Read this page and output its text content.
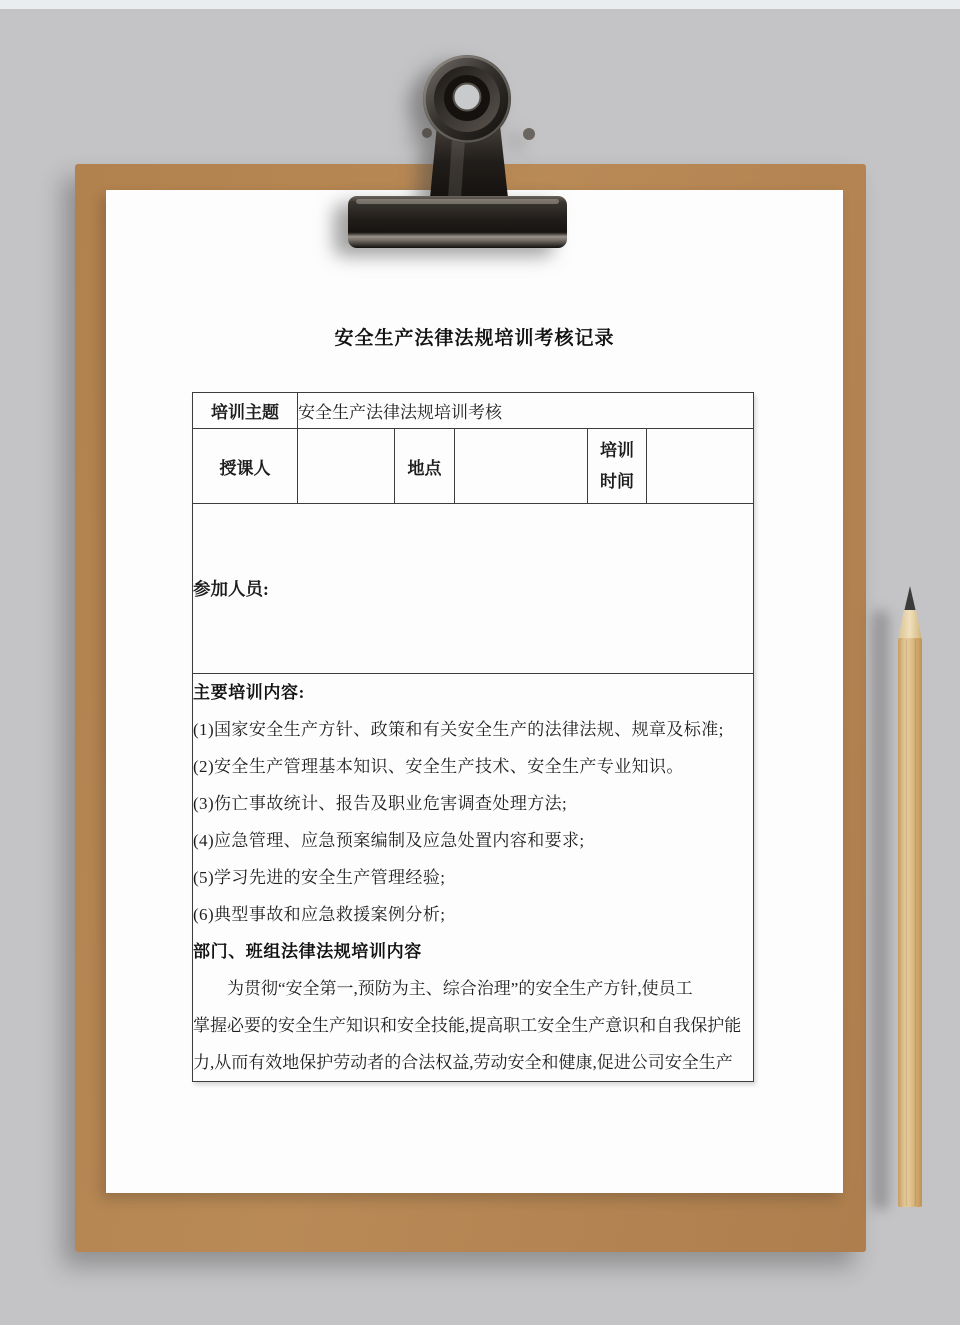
安全生产法律法规培训考核记录
培训主题	安全生产法律法规培训考核				
授课人		地点		培训
时间	

参加人员:					

主要培训内容:
(1)国家安全生产方针、政策和有关安全生产的法律法规、规章及标准;
(2)安全生产管理基本知识、安全生产技术、安全生产专业知识。
(3)伤亡事故统计、报告及职业危害调查处理方法;
(4)应急管理、应急预案编制及应急处置内容和要求;
(5)学习先进的安全生产管理经验;
(6)典型事故和应急救援案例分析;
部门、班组法律法规培训内容
为贯彻“安全第一,预防为主、综合治理”的安全生产方针,使员工
掌握必要的安全生产知识和安全技能,提高职工安全生产意识和自我保护能
力,从而有效地保护劳动者的合法权益,劳动安全和健康,促进公司安全生产
